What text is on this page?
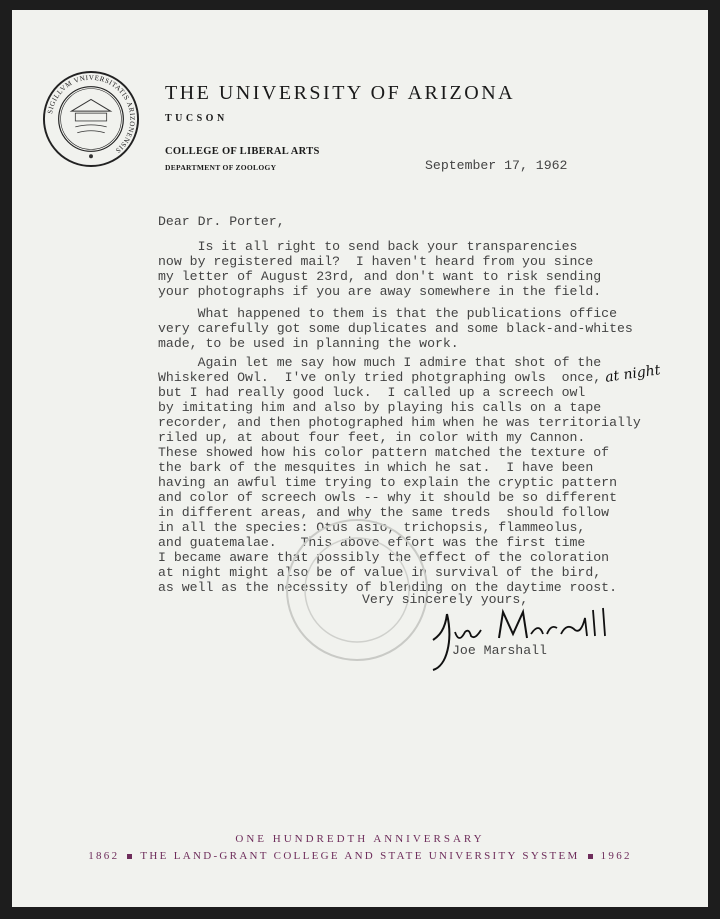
SIGILLVM VNIVERSITATIS ARIZONENSIS
THE UNIVERSITY OF ARIZONA
TUCSON
COLLEGE OF LIBERAL ARTS
DEPARTMENT OF ZOOLOGY	September 17, 1962
Dear Dr. Porter,
Is it all right to send back your transparencies
now by registered mail?  I haven't heard from you since
my letter of August 23rd, and don't want to risk sending
your photographs if you are away somewhere in the field.
What happened to them is that the publications office
very carefully got some duplicates and some black-and-whites
made, to be used in planning the work.
Again let me say how much I admire that shot of the
Whiskered Owl.  I've only tried photgraphing owls  once,
but I had really good luck.  I called up a screech owl
by imitating him and also by playing his calls on a tape
recorder, and then photographed him when he was territorially
riled up, at about four feet, in color with my Cannon.
These showed how his color pattern matched the texture of
the bark of the mesquites in which he sat.  I have been
having an awful time trying to explain the cryptic pattern
and color of screech owls -- why it should be so different
in different areas, and why the same treds  should follow
in all the species: Otus asio, trichopsis, flammeolus,
and guatemalae.   This above effort was the first time
I became aware that possibly the effect of the coloration
at night might also be of value in survival of the bird,
as well as the necessity of blending on the daytime roost.
at night
Very sincerely yours,
Joe Marshall
ONE HUNDREDTH ANNIVERSARY
1862 THE LAND-GRANT COLLEGE AND STATE UNIVERSITY SYSTEM 1962
